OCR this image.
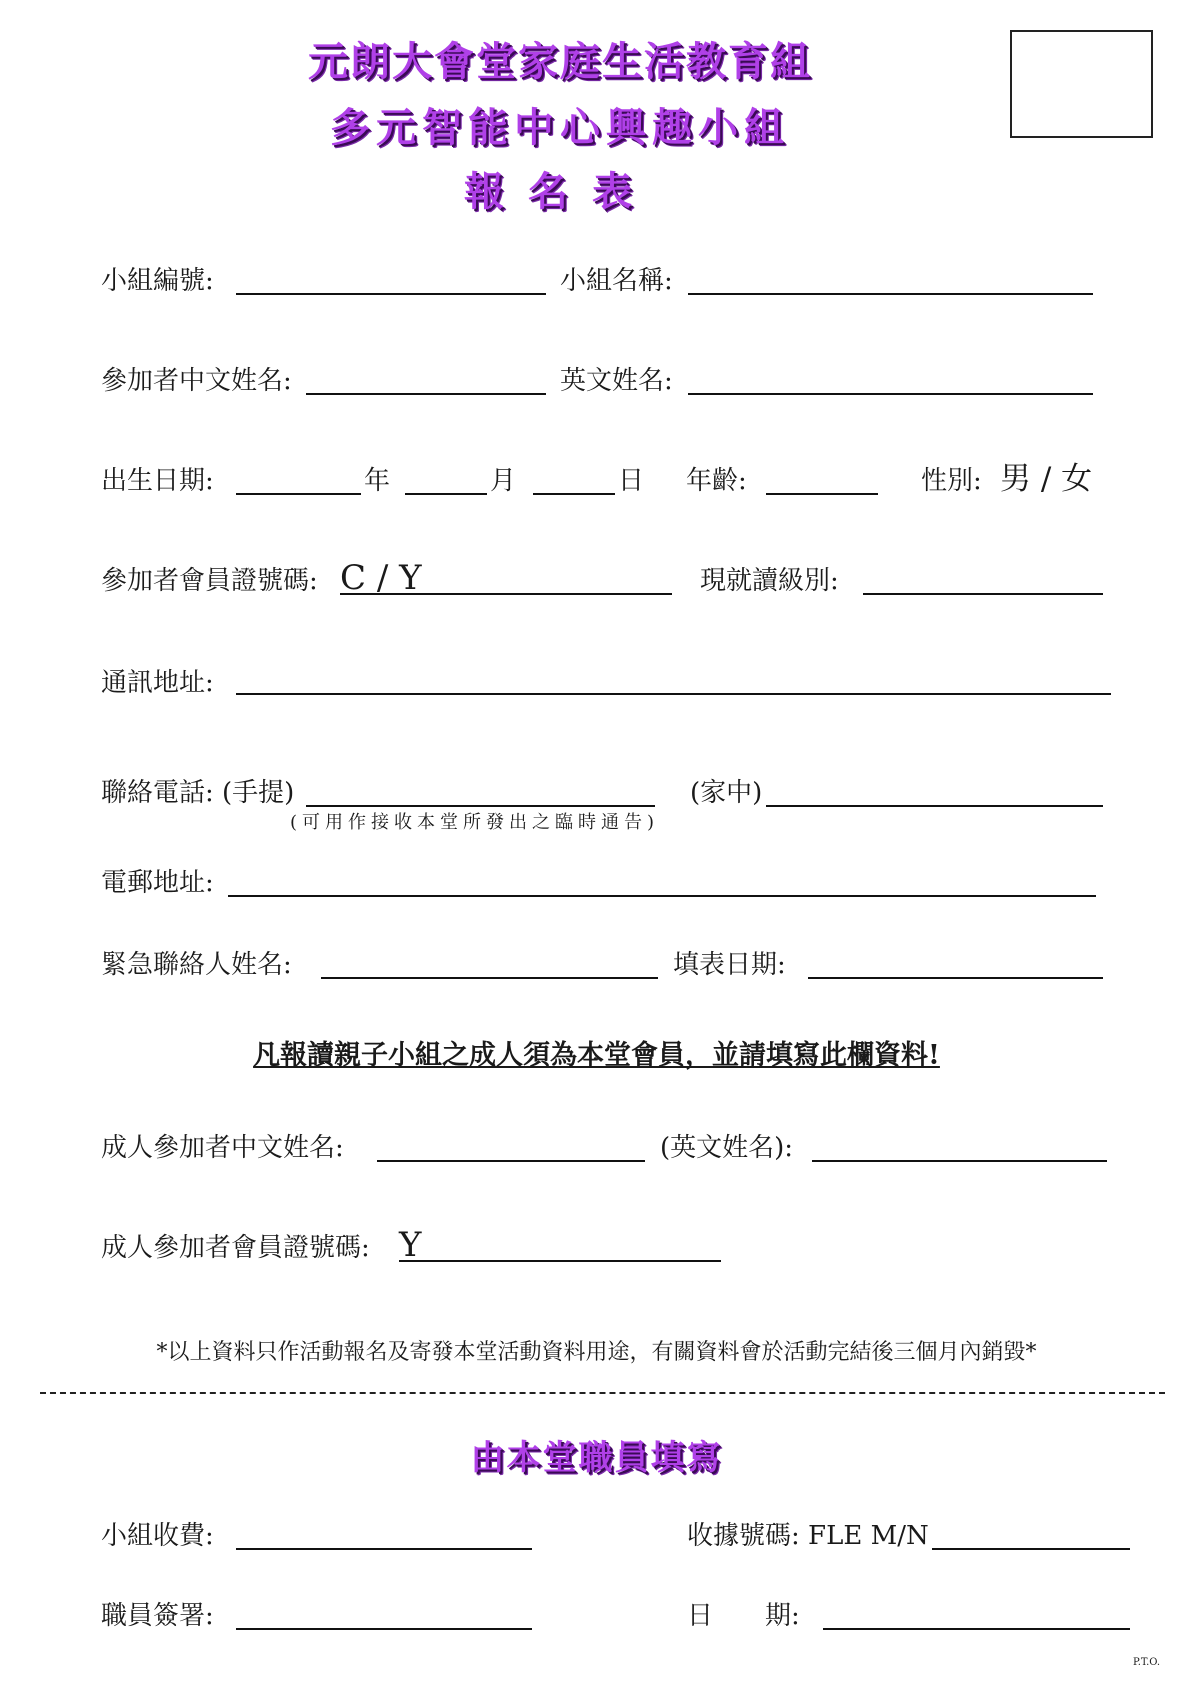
元朗大會堂家庭生活教育組
多元智能中心興趣小組
報名表
小組編號:	小組名稱:
參加者中文姓名:	英文姓名:
出生日期:	年	月	日 年齡:	性別: 男 / 女
參加者會員證號碼: C / Y	現就讀級別:
通訊地址:
聯絡電話: (手提)
(可用作接收本堂所發出之臨時通告)
(家中)
電郵地址:
緊急聯絡人姓名:	填表日期:
凡報讀親子小組之成人須為本堂會員，並請填寫此欄資料!
成人參加者中文姓名:	(英文姓名):
成人參加者會員證號碼: Y
*以上資料只作活動報名及寄發本堂活動資料用途，有關資料會於活動完結後三個月內銷毀*
由本堂職員填寫
小組收費:	收據號碼: FLE M/N
職員簽署:	日　　期:
P.T.O.
